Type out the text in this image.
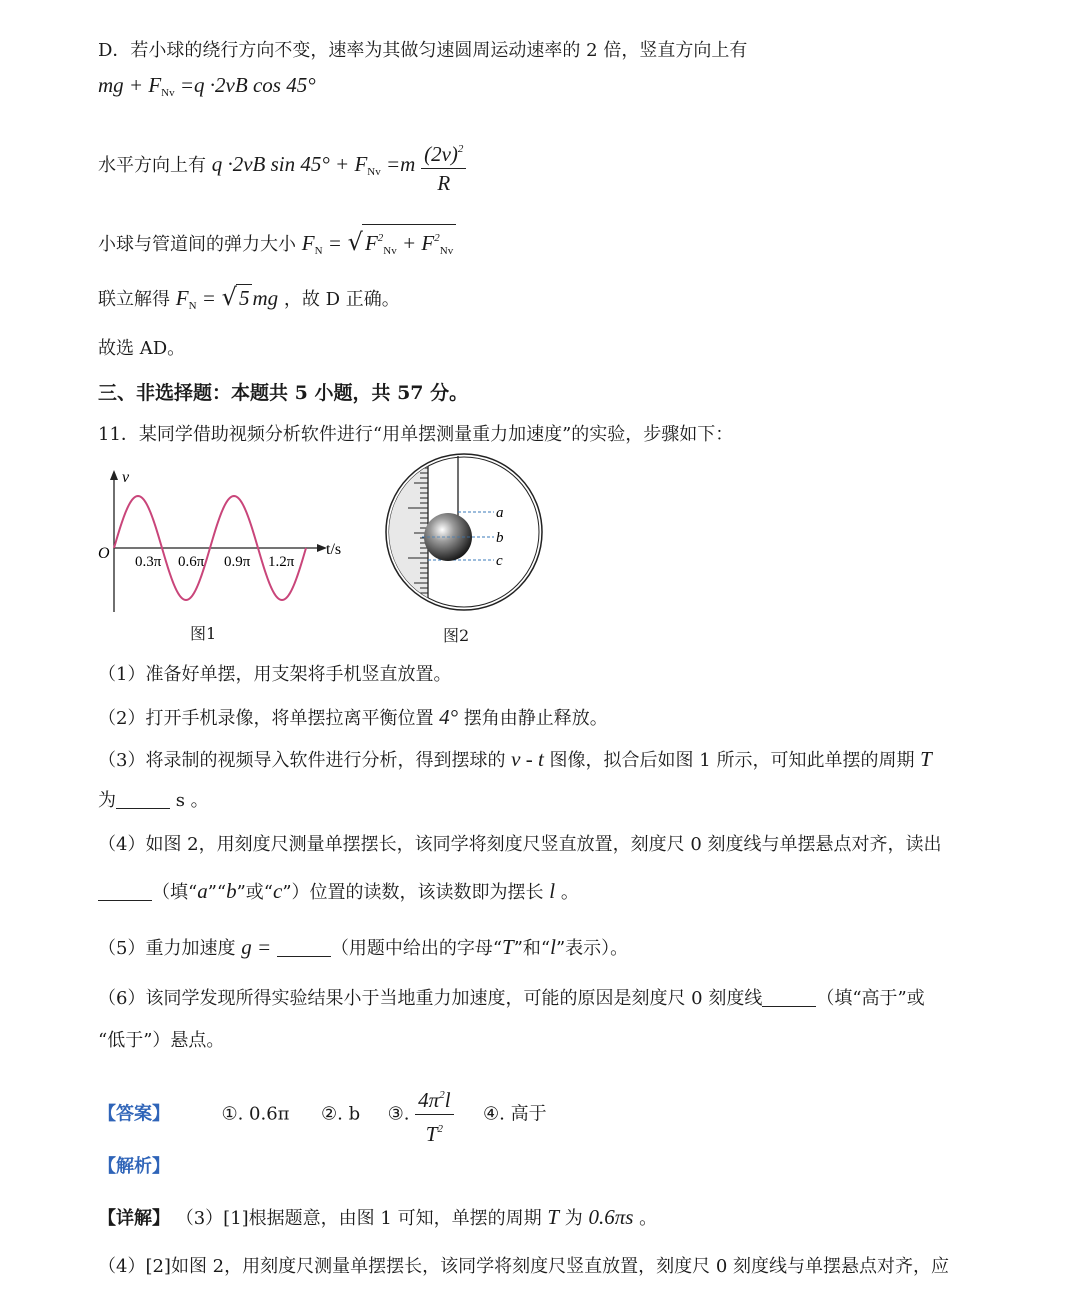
D．若小球的绕行方向不变，速率为其做匀速圆周运动速率的 2 倍，竖直方向上有
mg + $F_{Nv} =q \cdot 2vB$ cos 45°
水平方向上有 q ·2vB $\sin 45^\circ + F_{Nv} =m \frac{(2v)^2}{R}$
小球与管道间的弹力大小 $F_N = √F^2_{Nv} + F^2_{Nv}$
联立解得 $F_N = √5$ mg ，故 D 正确。
故选 AD。
三、非选择题：本题共 5 小题，共 57 分。
11．某同学借助视频分析软件进行“用单摆测量重力加速度”的实验，步骤如下：
v
t/s
O 0.3π 0.6π 0.9π 1.2π
图1
a
b
c
图2
（1）准备好单摆，用支架将手机竖直放置。
（2）打开手机录像，将单摆拉离平衡位置 4° 摆角由静止释放。
（3）将录制的视频导入软件进行分析，得到摆球的 v - t 图像，拟合后如图 1 所示，可知此单摆的周期 T
为	s 。
（4）如图 2，用刻度尺测量单摆摆长，该同学将刻度尺竖直放置，刻度尺 0 刻度线与单摆悬点对齐，读出
（填“a”“b”或“c”）位置的读数，该读数即为摆长 l 。
（5）重力加速度 g =	（用题中给出的字母“T”和“l”表示）。
（6）该同学发现所得实验结果小于当地重力加速度，可能的原因是刻度尺 0 刻度线	（填“高于”或
“低于”）悬点。
【答案】	①. 0.6π ②. b ③. $\frac{4\pi^2l}{T^2}$ ④. 高于
【解析】
【详解】 （3）[1]根据题意，由图 1 可知，单摆的周期 T 为 0.6πs 。
（4）[2]如图 2，用刻度尺测量单摆摆长，该同学将刻度尺竖直放置，刻度尺 0 刻度线与单摆悬点对齐，应
